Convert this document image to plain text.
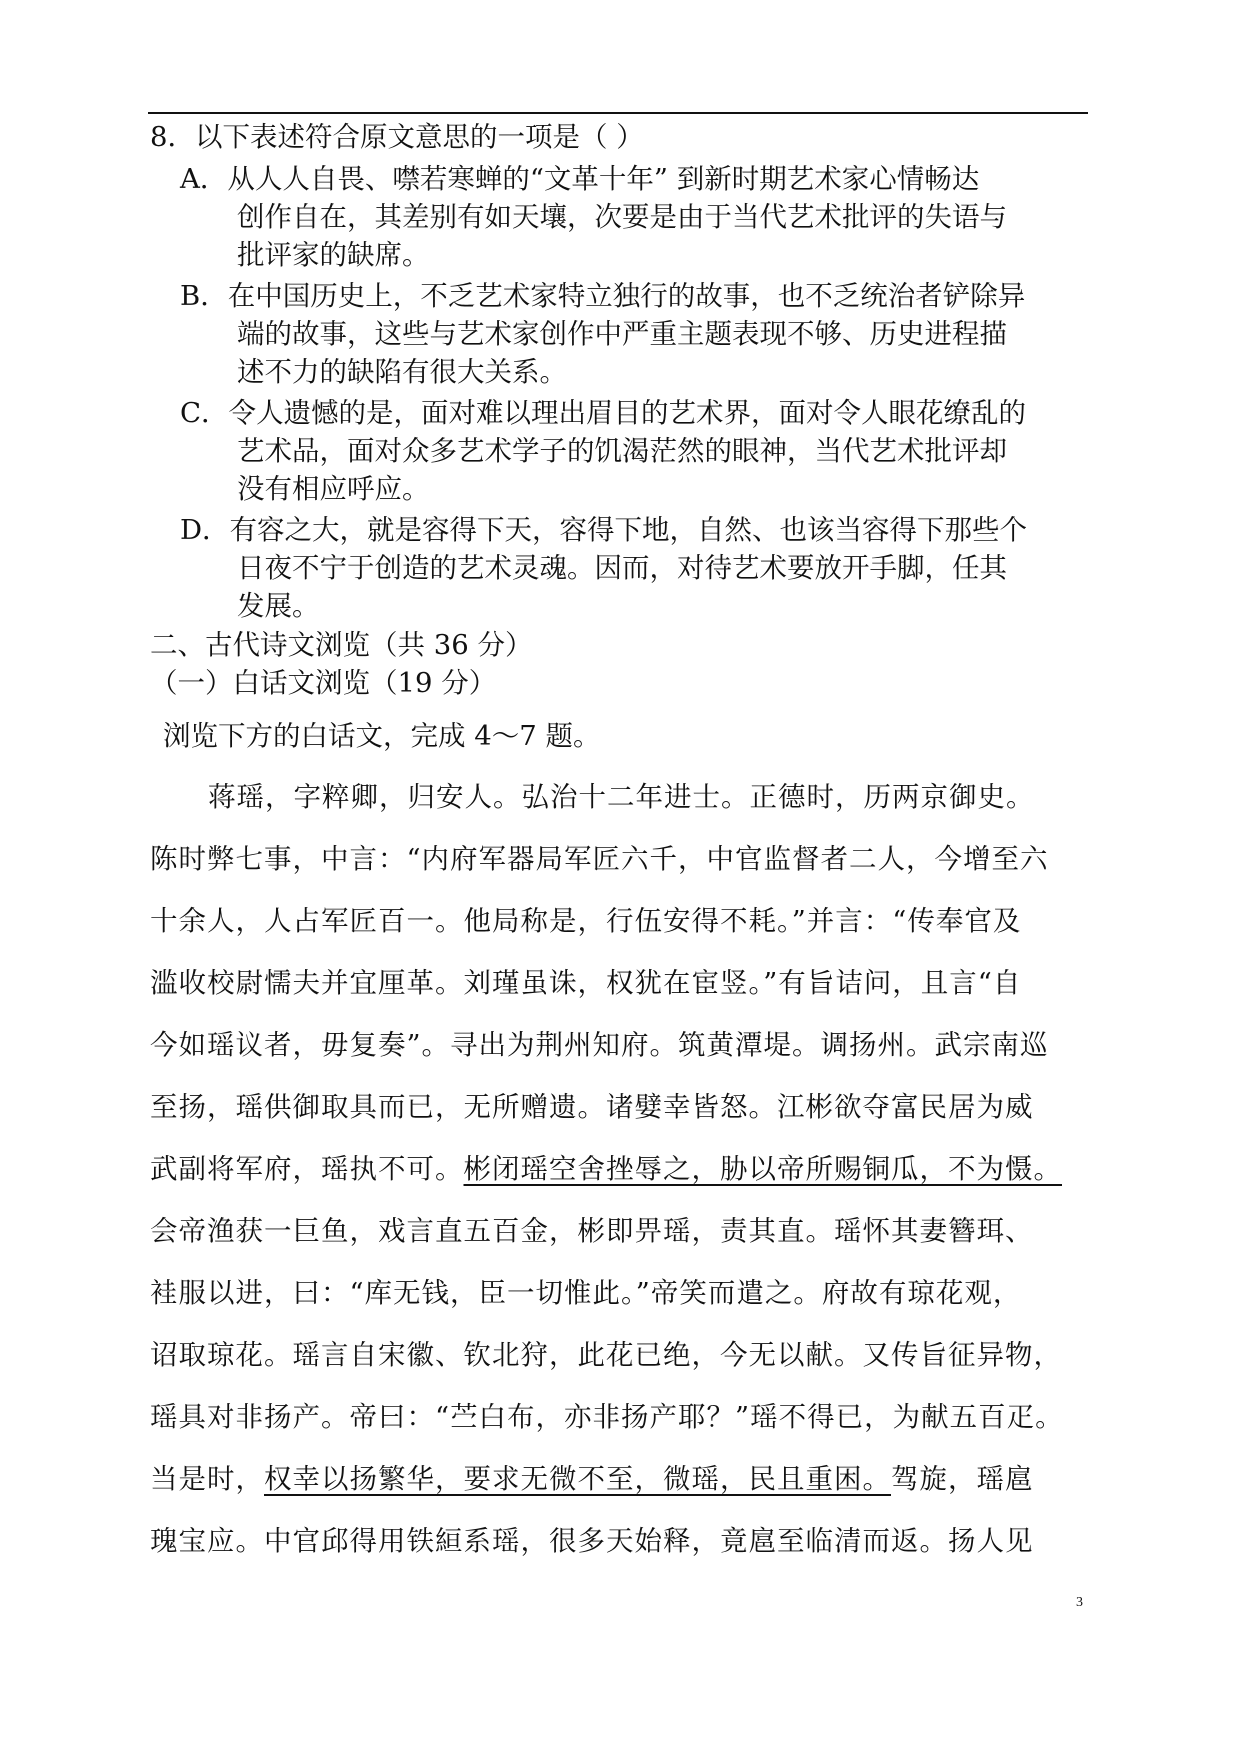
8．以下表述符合原文意思的一项是（ ）
A．从人人自畏、噤若寒蝉的“文革十年” 到新时期艺术家心情畅达
创作自在，其差别有如天壤，次要是由于当代艺术批评的失语与
批评家的缺席。
B．在中国历史上，不乏艺术家特立独行的故事，也不乏统治者铲除异
端的故事，这些与艺术家创作中严重主题表现不够、历史进程描
述不力的缺陷有很大关系。
C．令人遗憾的是，面对难以理出眉目的艺术界，面对令人眼花缭乱的
艺术品，面对众多艺术学子的饥渴茫然的眼神，当代艺术批评却
没有相应呼应。
D．有容之大，就是容得下天，容得下地，自然、也该当容得下那些个
日夜不宁于创造的艺术灵魂。因而，对待艺术要放开手脚，任其
发展。
二、古代诗文浏览（共 36 分）
（一）白话文浏览（19 分）
浏览下方的白话文，完成 4～7 题。
蒋瑶，字粹卿，归安人。弘治十二年进士。正德时，历两京御史。
陈时弊七事，中言：“内府军器局军匠六千，中官监督者二人，今增至六
十余人，人占军匠百一。他局称是，行伍安得不耗。”并言：“传奉官及
滥收校尉懦夫并宜厘革。刘瑾虽诛，权犹在宦竖。”有旨诘问，且言“自
今如瑶议者，毋复奏”。寻出为荆州知府。筑黄潭堤。调扬州。武宗南巡
至扬，瑶供御取具而已，无所赠遗。诸嬖幸皆怒。江彬欲夺富民居为威
武副将军府，瑶执不可。彬闭瑶空舍挫辱之，胁以帝所赐铜瓜，不为慑。
会帝渔获一巨鱼，戏言直五百金，彬即畀瑶，责其直。瑶怀其妻簪珥、
袿服以进，曰：“库无钱，臣一切惟此。”帝笑而遣之。府故有琼花观，
诏取琼花。瑶言自宋徽、钦北狩，此花已绝，今无以献。又传旨征异物，
瑶具对非扬产。帝曰：“苎白布，亦非扬产耶？”瑶不得已，为献五百疋。
当是时，权幸以扬繁华，要求无微不至，微瑶，民且重困。驾旋，瑶扈
瑰宝应。中官邱得用铁絙系瑶，很多天始释，竟扈至临清而返。扬人见
3
